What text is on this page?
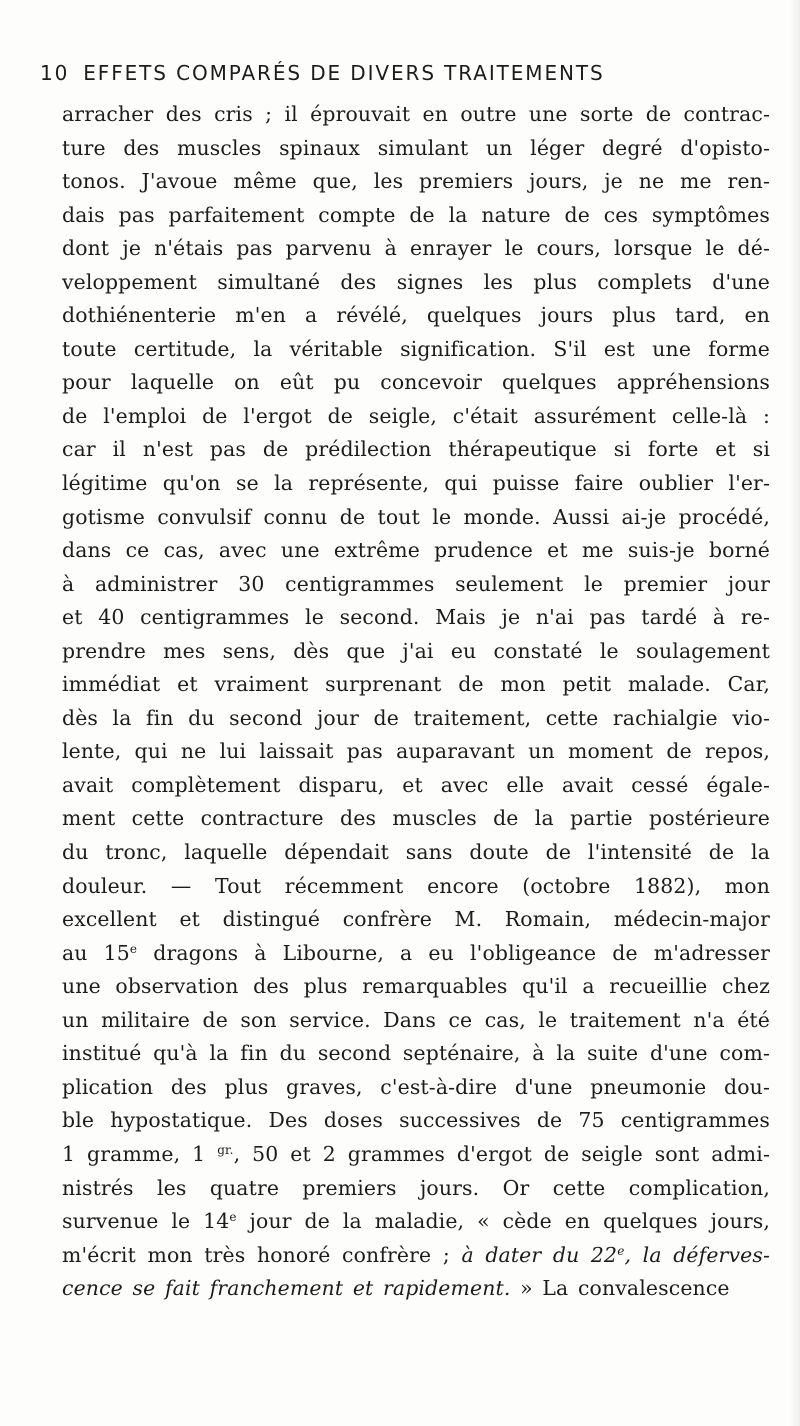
10 EFFETS COMPARÉS DE DIVERS TRAITEMENTS
arracher des cris ; il éprouvait en outre une sorte de contrac-
ture des muscles spinaux simulant un léger degré d'opisto-
tonos. J'avoue même que, les premiers jours, je ne me ren-
dais pas parfaitement compte de la nature de ces symptômes
dont je n'étais pas parvenu à enrayer le cours, lorsque le dé-
veloppement simultané des signes les plus complets d'une
dothiénenterie m'en a révélé, quelques jours plus tard, en
toute certitude, la véritable signification. S'il est une forme
pour laquelle on eût pu concevoir quelques appréhensions
de l'emploi de l'ergot de seigle, c'était assurément celle-là :
car il n'est pas de prédilection thérapeutique si forte et si
légitime qu'on se la représente, qui puisse faire oublier l'er-
gotisme convulsif connu de tout le monde. Aussi ai-je procédé,
dans ce cas, avec une extrême prudence et me suis-je borné
à administrer 30 centigrammes seulement le premier jour
et 40 centigrammes le second. Mais je n'ai pas tardé à re-
prendre mes sens, dès que j'ai eu constaté le soulagement
immédiat et vraiment surprenant de mon petit malade. Car,
dès la fin du second jour de traitement, cette rachialgie vio-
lente, qui ne lui laissait pas auparavant un moment de repos,
avait complètement disparu, et avec elle avait cessé égale-
ment cette contracture des muscles de la partie postérieure
du tronc, laquelle dépendait sans doute de l'intensité de la
douleur. — Tout récemment encore (octobre 1882), mon
excellent et distingué confrère M. Romain, médecin-major
au 15e dragons à Libourne, a eu l'obligeance de m'adresser
une observation des plus remarquables qu'il a recueillie chez
un militaire de son service. Dans ce cas, le traitement n'a été
institué qu'à la fin du second septénaire, à la suite d'une com-
plication des plus graves, c'est-à-dire d'une pneumonie dou-
ble hypostatique. Des doses successives de 75 centigrammes
1 gramme, 1 $^{gr.}$, 50 et 2 grammes d'ergot de seigle sont admi-
nistrés les quatre premiers jours. Or cette complication,
survenue le 14e jour de la maladie, « cède en quelques jours,
m'écrit mon très honoré confrère ; à dater du 22e, la déferves-
cence se fait franchement et rapidement. » La convalescence
